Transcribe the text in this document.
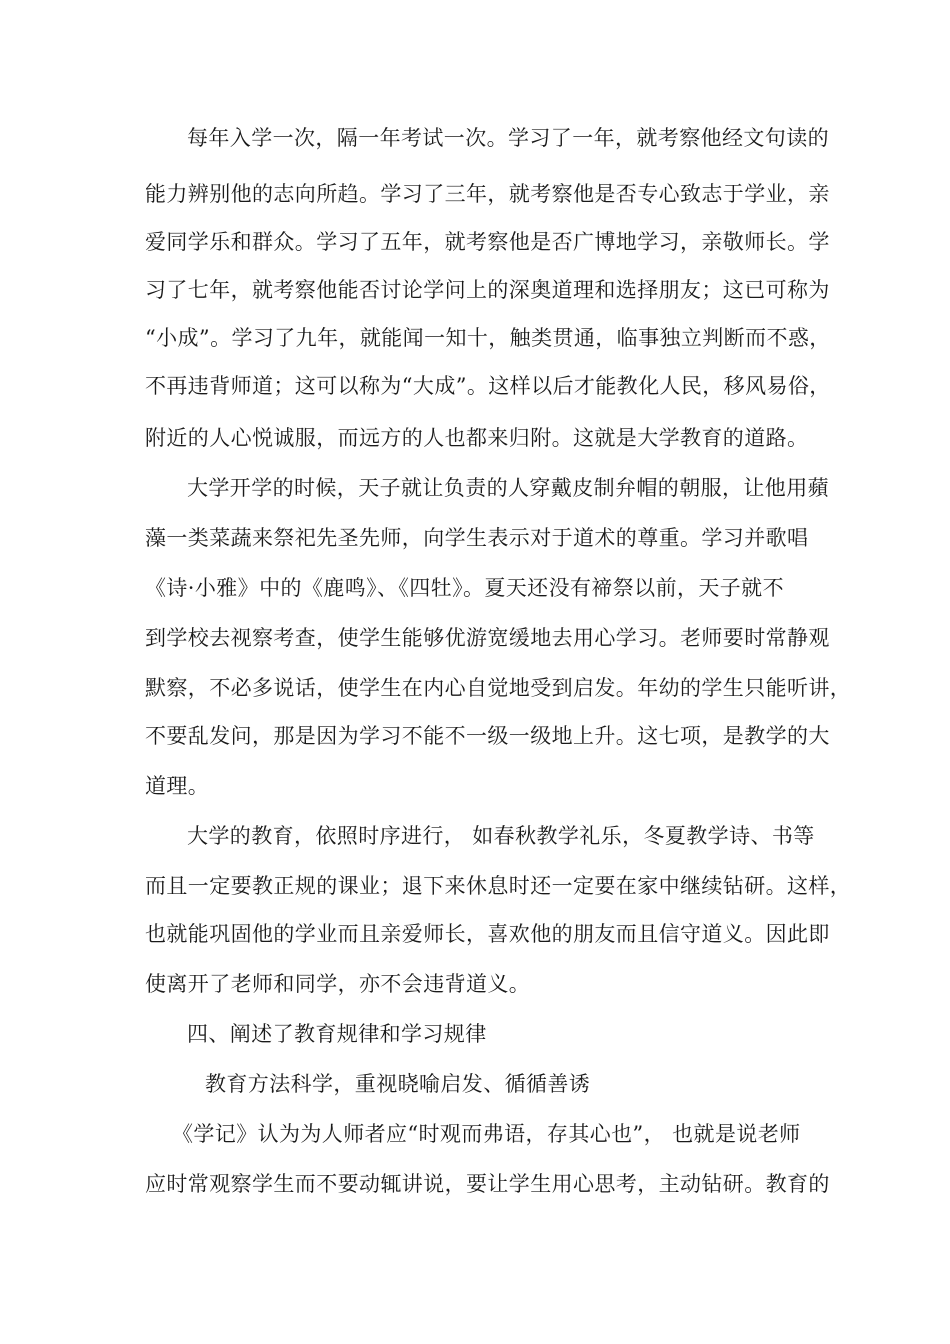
每年入学一次，隔一年考试一次。学习了一年，就考察他经文句读的
能力辨别他的志向所趋。学习了三年，就考察他是否专心致志于学业，亲
爱同学乐和群众。学习了五年，就考察他是否广博地学习，亲敬师长。学
习了七年，就考察他能否讨论学问上的深奥道理和选择朋友；这已可称为
“小成”。学习了九年，就能闻一知十，触类贯通，临事独立判断而不惑，
不再违背师道；这可以称为“大成”。这样以后才能教化人民，移风易俗，
附近的人心悦诚服，而远方的人也都来归附。这就是大学教育的道路。
大学开学的时候，天子就让负责的人穿戴皮制弁帽的朝服，让他用蘋
藻一类菜蔬来祭祀先圣先师，向学生表示对于道术的尊重。学习并歌唱
《诗·小雅》中的《鹿鸣》、《四牡》。夏天还没有禘祭以前，天子就不
到学校去视察考查，使学生能够优游宽缓地去用心学习。老师要时常静观
默察，不必多说话，使学生在内心自觉地受到启发。年幼的学生只能听讲，
不要乱发问，那是因为学习不能不一级一级地上升。这七项，是教学的大
道理。
大学的教育，依照时序进行， 如春秋教学礼乐，冬夏教学诗、书等
而且一定要教正规的课业；退下来休息时还一定要在家中继续钻研。这样，
也就能巩固他的学业而且亲爱师长，喜欢他的朋友而且信守道义。因此即
使离开了老师和同学，亦不会违背道义。
四、阐述了教育规律和学习规律
教育方法科学，重视晓喻启发、循循善诱
《学记》认为为人师者应“时观而弗语，存其心也”， 也就是说老师
应时常观察学生而不要动辄讲说，要让学生用心思考，主动钻研。教育的
